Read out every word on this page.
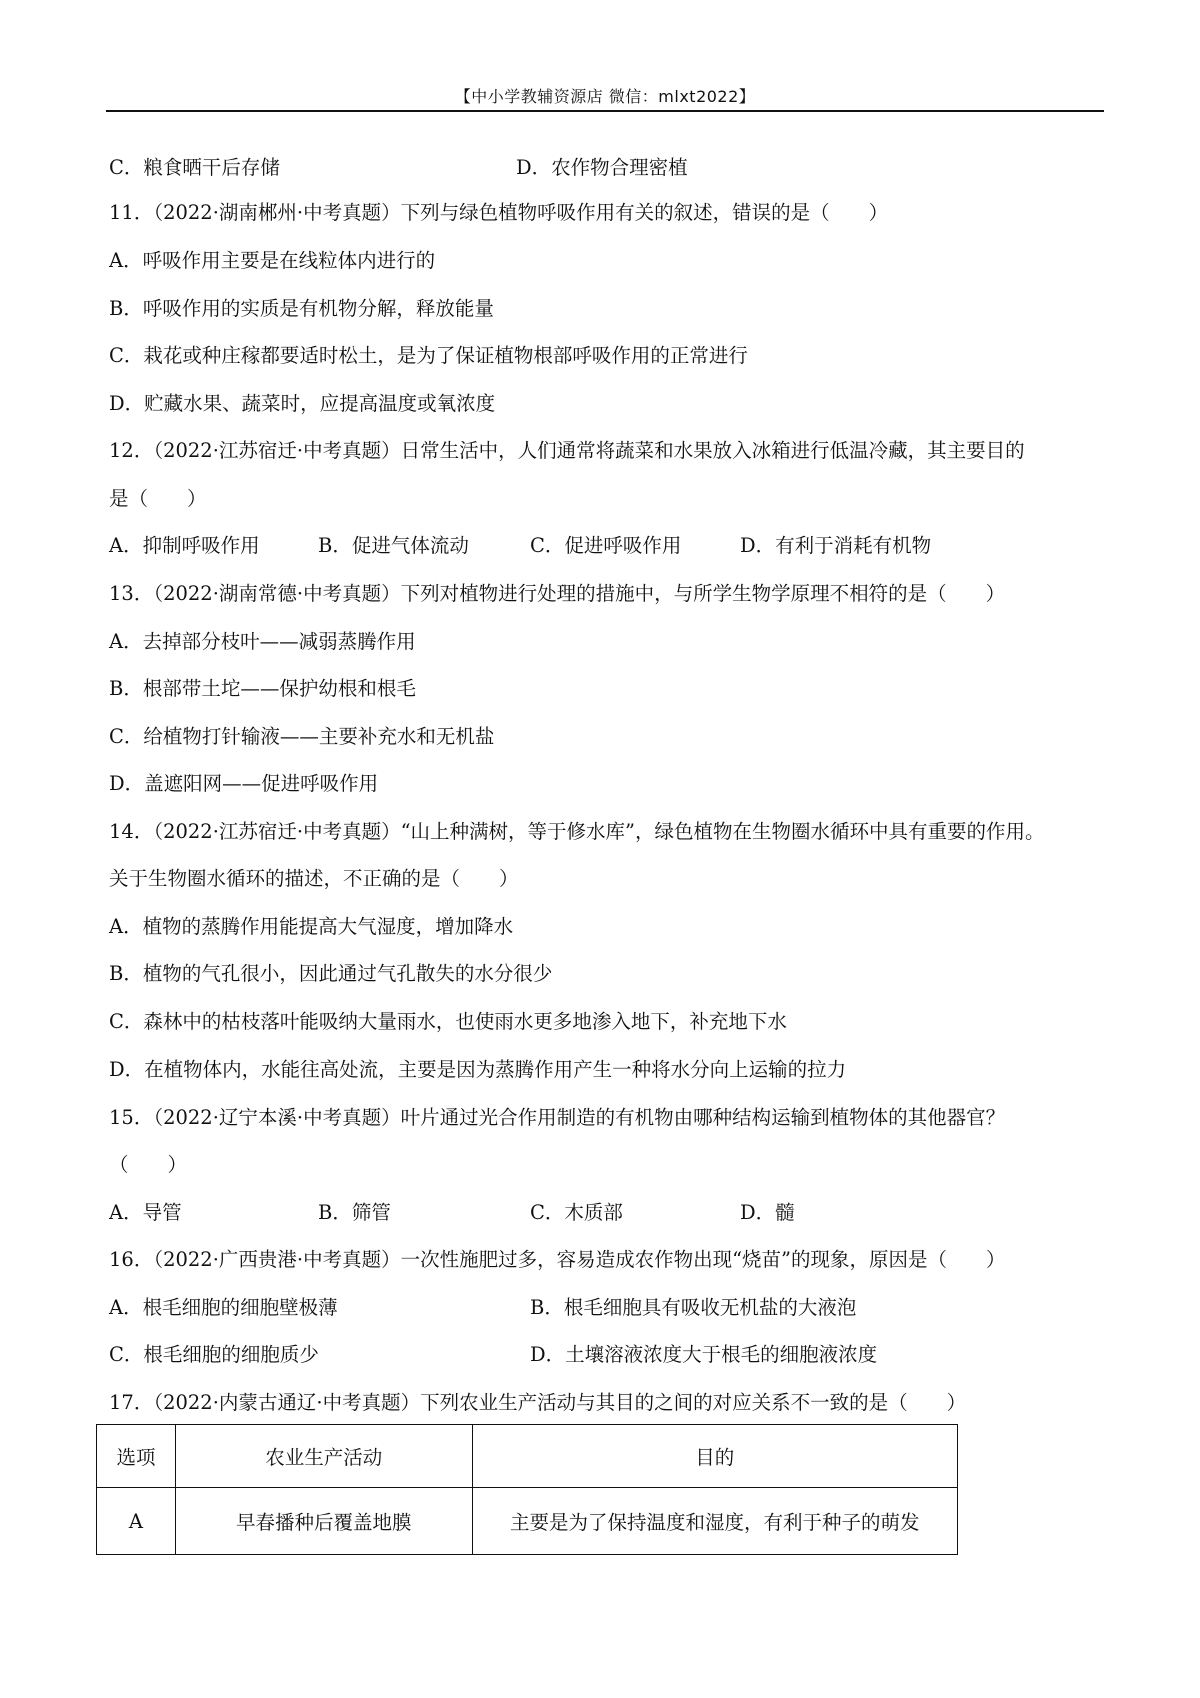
【中小学教辅资源店 微信：mlxt2022】
C．粮食晒干后存储	D．农作物合理密植
11．（2022·湖南郴州·中考真题）下列与绿色植物呼吸作用有关的叙述，错误的是（　　）
A．呼吸作用主要是在线粒体内进行的
B．呼吸作用的实质是有机物分解，释放能量
C．栽花或种庄稼都要适时松土，是为了保证植物根部呼吸作用的正常进行
D．贮藏水果、蔬菜时，应提高温度或氧浓度
12．（2022·江苏宿迁·中考真题）日常生活中，人们通常将蔬菜和水果放入冰箱进行低温冷藏，其主要目的
是（　　）
A．抑制呼吸作用	B．促进气体流动	C．促进呼吸作用	D．有利于消耗有机物
13．（2022·湖南常德·中考真题）下列对植物进行处理的措施中，与所学生物学原理不相符的是（　　）
A．去掉部分枝叶——减弱蒸腾作用
B．根部带土坨——保护幼根和根毛
C．给植物打针输液——主要补充水和无机盐
D．盖遮阳网——促进呼吸作用
14．（2022·江苏宿迁·中考真题）“山上种满树，等于修水库”，绿色植物在生物圈水循环中具有重要的作用。
关于生物圈水循环的描述，不正确的是（　　）
A．植物的蒸腾作用能提高大气湿度，增加降水
B．植物的气孔很小，因此通过气孔散失的水分很少
C．森林中的枯枝落叶能吸纳大量雨水，也使雨水更多地渗入地下，补充地下水
D．在植物体内，水能往高处流，主要是因为蒸腾作用产生一种将水分向上运输的拉力
15．（2022·辽宁本溪·中考真题）叶片通过光合作用制造的有机物由哪种结构运输到植物体的其他器官？
（　　）
A．导管	B．筛管	C．木质部	D．髓
16．（2022·广西贵港·中考真题）一次性施肥过多，容易造成农作物出现“烧苗”的现象，原因是（　　）
A．根毛细胞的细胞壁极薄	B．根毛细胞具有吸收无机盐的大液泡
C．根毛细胞的细胞质少	D．土壤溶液浓度大于根毛的细胞液浓度
17．（2022·内蒙古通辽·中考真题）下列农业生产活动与其目的之间的对应关系不一致的是（　　）
选项	农业生产活动	目的
A	早春播种后覆盖地膜	主要是为了保持温度和湿度，有利于种子的萌发
